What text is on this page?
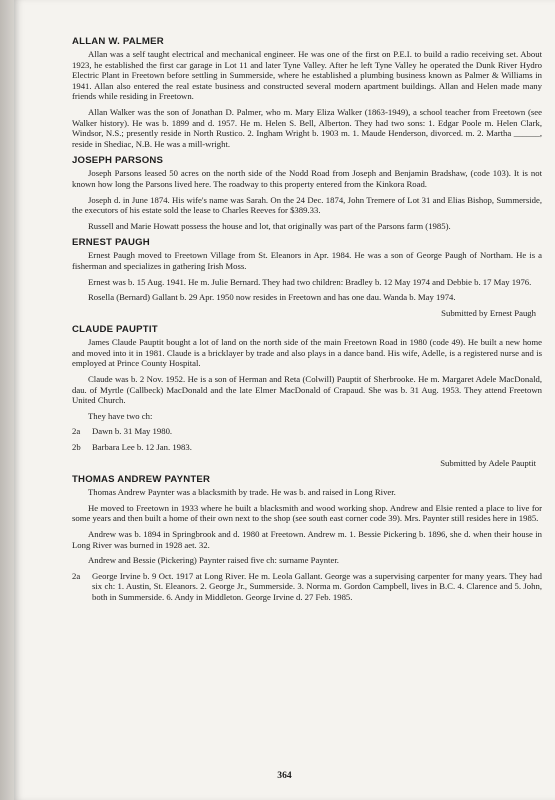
ALLAN W. PALMER

Allan was a self taught electrical and mechanical engineer. He was one of the first on P.E.I. to build a radio receiving set. About 1923, he established the first car garage in Lot 11 and later Tyne Valley. After he left Tyne Valley he operated the Dunk River Hydro Electric Plant in Freetown before settling in Summerside, where he established a plumbing business known as Palmer & Williams in 1941. Allan also entered the real estate business and constructed several modern apartment buildings. Allan and Helen made many friends while residing in Freetown.

Allan Walker was the son of Jonathan D. Palmer, who m. Mary Eliza Walker (1863-1949), a school teacher from Freetown (see Walker history). He was b. 1899 and d. 1957. He m. Helen S. Bell, Alberton. They had two sons: 1. Edgar Poole m. Helen Clark, Windsor, N.S.; presently reside in North Rustico. 2. Ingham Wright b. 1903 m. 1. Maude Henderson, divorced. m. 2. Martha ______, reside in Shediac, N.B. He was a mill-wright.

JOSEPH PARSONS

Joseph Parsons leased 50 acres on the north side of the Nodd Road from Joseph and Benjamin Bradshaw, (code 103). It is not known how long the Parsons lived here. The roadway to this property entered from the Kinkora Road.

Joseph d. in June 1874. His wife's name was Sarah. On the 24 Dec. 1874, John Tremere of Lot 31 and Elias Bishop, Summerside, the executors of his estate sold the lease to Charles Reeves for $389.33.

Russell and Marie Howatt possess the house and lot, that originally was part of the Parsons farm (1985).

ERNEST PAUGH

Ernest Paugh moved to Freetown Village from St. Eleanors in Apr. 1984. He was a son of George Paugh of Northam. He is a fisherman and specializes in gathering Irish Moss.

Ernest was b. 15 Aug. 1941. He m. Julie Bernard. They had two children: Bradley b. 12 May 1974 and Debbie b. 17 May 1976.

Rosella (Bernard) Gallant b. 29 Apr. 1950 now resides in Freetown and has one dau. Wanda b. May 1974.

Submitted by Ernest Paugh
CLAUDE PAUPTIT

James Claude Pauptit bought a lot of land on the north side of the main Freetown Road in 1980 (code 49). He built a new home and moved into it in 1981. Claude is a bricklayer by trade and also plays in a dance band. His wife, Adelle, is a registered nurse and is employed at Prince County Hospital.

Claude was b. 2 Nov. 1952. He is a son of Herman and Reta (Colwill) Pauptit of Sherbrooke. He m. Margaret Adele MacDonald, dau. of Myrtle (Callbeck) MacDonald and the late Elmer MacDonald of Crapaud. She was b. 31 Aug. 1953. They attend Freetown United Church.

They have two ch:
2a	Dawn b. 31 May 1980.
2b	Barbara Lee b. 12 Jan. 1983.
Submitted by Adele Pauptit
THOMAS ANDREW PAYNTER

Thomas Andrew Paynter was a blacksmith by trade. He was b. and raised in Long River.

He moved to Freetown in 1933 where he built a blacksmith and wood working shop. Andrew and Elsie rented a place to live for some years and then built a home of their own next to the shop (see south east corner code 39). Mrs. Paynter still resides here in 1985.

Andrew was b. 1894 in Springbrook and d. 1980 at Freetown. Andrew m. 1. Bessie Pickering b. 1896, she d. when their house in Long River was burned in 1928 aet. 32.

Andrew and Bessie (Pickering) Paynter raised five ch: surname Paynter.

2a	George Irvine b. 9 Oct. 1917 at Long River. He m. Leola Gallant. George was a supervising carpenter for many years. They had six ch: 1. Austin, St. Eleanors. 2. George Jr., Summerside. 3. Norma m. Gordon Campbell, lives in B.C. 4. Clarence and 5. John, both in Summerside. 6. Andy in Middleton. George Irvine d. 27 Feb. 1985.
364
